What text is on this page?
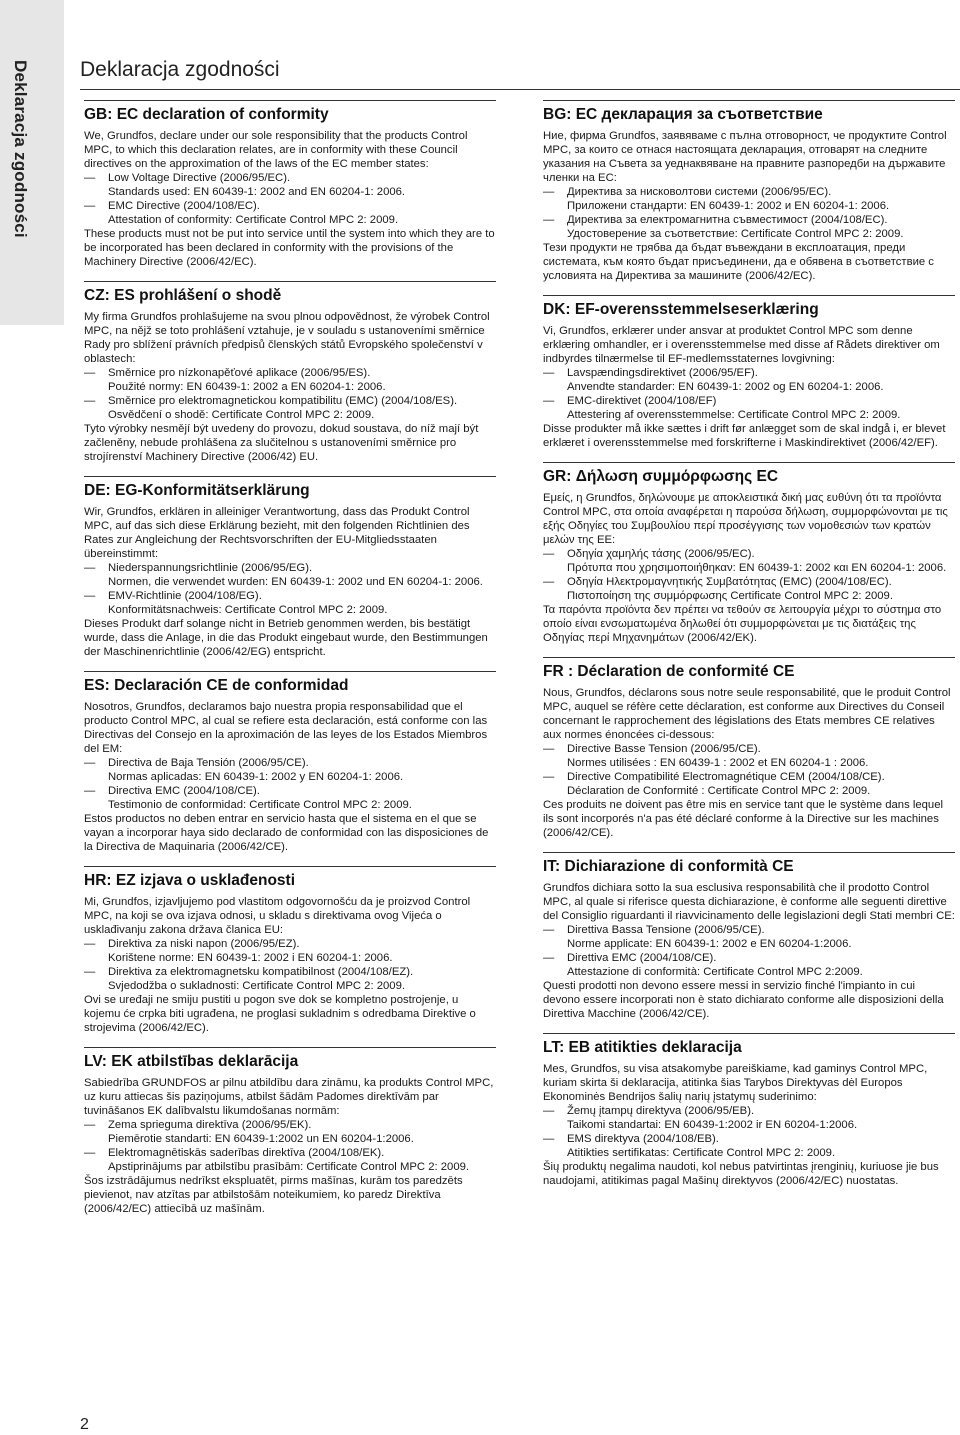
Deklaracja zgodności Deklaracja zgodności
GB: EC declaration of conformity

We, Grundfos, declare under our sole responsibility that the products Control MPC, to which this declaration relates, are in conformity with these Council directives on the approximation of the laws of the EC member states:

— Low Voltage Directive (2006/95/EC).
Standards used: EN 60439-1: 2002 and EN 60204-1: 2006.
— EMC Directive (2004/108/EC).
Attestation of conformity: Certificate Control MPC 2: 2009.

These products must not be put into service until the system into which they are to be incorporated has been declared in conformity with the provisions of the Machinery Directive (2006/42/EC).

CZ: ES prohlášení o shodě

My firma Grundfos prohlašujeme na svou plnou odpovědnost, že výrobek Control MPC, na nějž se toto prohlášení vztahuje, je v souladu s ustanoveními směrnice Rady pro sblížení právních předpisů členských států Evropského společenství v oblastech:

— Směrnice pro nízkonapěťové aplikace (2006/95/ES).
Použité normy: EN 60439-1: 2002 a EN 60204-1: 2006.
— Směrnice pro elektromagnetickou kompatibilitu (EMC) (2004/108/ES).
Osvědčení o shodě: Certificate Control MPC 2: 2009.

Tyto výrobky nesmějí být uvedeny do provozu, dokud soustava, do níž mají být začleněny, nebude prohlášena za slučitelnou s ustanoveními směrnice pro strojírenství Machinery Directive (2006/42) EU.

DE: EG-Konformitätserklärung

Wir, Grundfos, erklären in alleiniger Verantwortung, dass das Produkt Control MPC, auf das sich diese Erklärung bezieht, mit den folgenden Richtlinien des Rates zur Angleichung der Rechtsvorschriften der EU-Mitgliedsstaaten übereinstimmt:

— Niederspannungsrichtlinie (2006/95/EG).
Normen, die verwendet wurden: EN 60439-1: 2002 und EN 60204-1: 2006.
— EMV-Richtlinie (2004/108/EG).
Konformitätsnachweis: Certificate Control MPC 2: 2009.

Dieses Produkt darf solange nicht in Betrieb genommen werden, bis bestätigt wurde, dass die Anlage, in die das Produkt eingebaut wurde, den Bestimmungen der Maschinenrichtlinie (2006/42/EG) entspricht.

ES: Declaración CE de conformidad

Nosotros, Grundfos, declaramos bajo nuestra propia responsabilidad que el producto Control MPC, al cual se refiere esta declaración, está conforme con las Directivas del Consejo en la aproximación de las leyes de los Estados Miembros del EM:

— Directiva de Baja Tensión (2006/95/CE).
Normas aplicadas: EN 60439-1: 2002 y EN 60204-1: 2006.
— Directiva EMC (2004/108/CE).
Testimonio de conformidad: Certificate Control MPC 2: 2009.

Estos productos no deben entrar en servicio hasta que el sistema en el que se vayan a incorporar haya sido declarado de conformidad con las disposiciones de la Directiva de Maquinaria (2006/42/CE).

HR: EZ izjava o usklađenosti

Mi, Grundfos, izjavljujemo pod vlastitom odgovornošću da je proizvod Control MPC, na koji se ova izjava odnosi, u skladu s direktivama ovog Vijeća o usklađivanju zakona država članica EU:

— Direktiva za niski napon (2006/95/EZ).
Korištene norme: EN 60439-1: 2002 i EN 60204-1: 2006.
— Direktiva za elektromagnetsku kompatibilnost (2004/108/EZ).
Svjedodžba o sukladnosti: Certificate Control MPC 2: 2009.

Ovi se uređaji ne smiju pustiti u pogon sve dok se kompletno postrojenje, u kojemu će crpka biti ugrađena, ne proglasi sukladnim s odredbama Direktive o strojevima (2006/42/EC).

LV: EK atbilstības deklarācija

Sabiedrība GRUNDFOS ar pilnu atbildību dara zināmu, ka produkts Control MPC, uz kuru attiecas šis paziņojums, atbilst šādām Padomes direktīvām par tuvināšanos EK dalībvalstu likumdošanas normām:

— Zema sprieguma direktīva (2006/95/EK).
Piemērotie standarti: EN 60439-1:2002 un EN 60204-1:2006.
— Elektromagnētiskās saderības direktīva (2004/108/EK).
Apstiprinājums par atbilstību prasībām: Certificate Control MPC 2: 2009.

Šos izstrādājumus nedrīkst ekspluatēt, pirms mašīnas, kurām tos paredzēts pievienot, nav atzītas par atbilstošām noteikumiem, ko paredz Direktīva (2006/42/EC) attiecībā uz mašīnām.

BG: ЕС декларация за съответствие

Ние, фирма Grundfos, заявяваме с пълна отговорност, че продуктите Control MPC, за които се отнася настоящата декларация, отговарят на следните указания на Съвета за уеднаквяване на правните разпоредби на държавите членки на ЕС:

— Директива за нисковолтови системи (2006/95/EC).
Приложени стандарти: EN 60439-1: 2002 и EN 60204-1: 2006.
— Директива за електромагнитна съвместимост (2004/108/EC).
Удостоверение за съответствие: Certificate Control MPC 2: 2009.

Тези продукти не трябва да бъдат въвеждани в експлоатация, преди системата, към която бъдат присъединени, да е обявена в съответствие с условията на Директива за машините (2006/42/EC).

DK: EF-overensstemmelseserklæring

Vi, Grundfos, erklærer under ansvar at produktet Control MPC som denne erklæring omhandler, er i overensstemmelse med disse af Rådets direktiver om indbyrdes tilnærmelse til EF-medlemsstaternes lovgivning:

— Lavspændingsdirektivet (2006/95/EF).
Anvendte standarder: EN 60439-1: 2002 og EN 60204-1: 2006.
— EMC-direktivet (2004/108/EF)
Attestering af overensstemmelse: Certificate Control MPC 2: 2009.

Disse produkter må ikke sættes i drift før anlægget som de skal indgå i, er blevet erklæret i overensstemmelse med forskrifterne i Maskindirektivet (2006/42/EF).

GR: Δήλωση συμμόρφωσης EC

Εμείς, η Grundfos, δηλώνουμε με αποκλειστικά δική μας ευθύνη ότι τα προϊόντα Control MPC, στα οποία αναφέρεται η παρούσα δήλωση, συμμορφώνονται με τις εξής Οδηγίες του Συμβουλίου περί προσέγγισης των νομοθεσιών των κρατών μελών της ΕΕ:

— Οδηγία χαμηλής τάσης (2006/95/EC).
Πρότυπα που χρησιμοποιήθηκαν: EN 60439-1: 2002 και EN 60204-1: 2006.
— Οδηγία Ηλεκτρομαγνητικής Συμβατότητας (EMC) (2004/108/EC).
Πιστοποίηση της συμμόρφωσης Certificate Control MPC 2: 2009.

Τα παρόντα προϊόντα δεν πρέπει να τεθούν σε λειτουργία μέχρι το σύστημα στο οποίο είναι ενσωματωμένα δηλωθεί ότι συμμορφώνεται με τις διατάξεις της Οδηγίας περί Μηχανημάτων (2006/42/EK).

FR : Déclaration de conformité CE

Nous, Grundfos, déclarons sous notre seule responsabilité, que le produit Control MPC, auquel se réfère cette déclaration, est conforme aux Directives du Conseil concernant le rapprochement des législations des Etats membres CE relatives aux normes énoncées ci-dessous:

— Directive Basse Tension (2006/95/CE).
Normes utilisées : EN 60439-1 : 2002 et EN 60204-1 : 2006.
— Directive Compatibilité Electromagnétique CEM (2004/108/CE).
Déclaration de Conformité : Certificate Control MPC 2: 2009.

Ces produits ne doivent pas être mis en service tant que le système dans lequel ils sont incorporés n'a pas été déclaré conforme à la Directive sur les machines (2006/42/CE).

IT: Dichiarazione di conformità CE

Grundfos dichiara sotto la sua esclusiva responsabilità che il prodotto Control MPC, al quale si riferisce questa dichiarazione, è conforme alle seguenti direttive del Consiglio riguardanti il riavvicinamento delle legislazioni degli Stati membri CE:

— Direttiva Bassa Tensione (2006/95/CE).
Norme applicate: EN 60439-1: 2002 e EN 60204-1:2006.
— Direttiva EMC (2004/108/CE).
Attestazione di conformità: Certificate Control MPC 2:2009.

Questi prodotti non devono essere messi in servizio finché l'impianto in cui devono essere incorporati non è stato dichiarato conforme alle disposizioni della Direttiva Macchine (2006/42/CE).

LT: EB atitikties deklaracija

Mes, Grundfos, su visa atsakomybe pareiškiame, kad gaminys Control MPC, kuriam skirta ši deklaracija, atitinka šias Tarybos Direktyvas dėl Europos Ekonominės Bendrijos šalių narių įstatymų suderinimo:

— Žemų įtampų direktyva (2006/95/EB).
Taikomi standartai: EN 60439-1:2002 ir EN 60204-1:2006.
— EMS direktyva (2004/108/EB).
Atitikties sertifikatas: Certificate Control MPC 2: 2009.

Šių produktų negalima naudoti, kol nebus patvirtintas įrenginių, kuriuose jie bus naudojami, atitikimas pagal Mašinų direktyvos (2006/42/EC) nuostatas.

2
